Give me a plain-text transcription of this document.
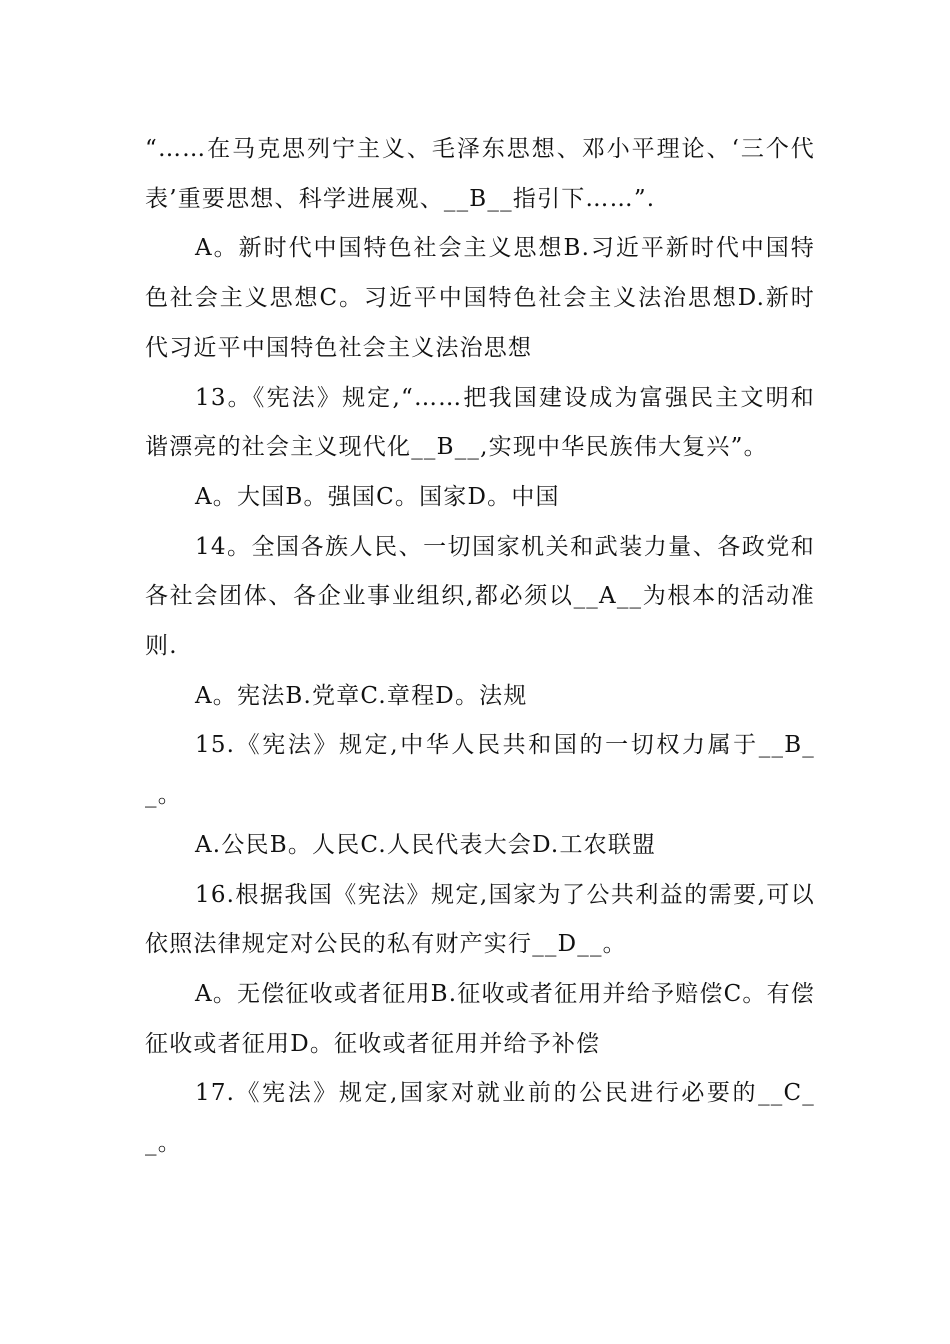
“……在马克思列宁主义、毛泽东思想、邓小平理论、‘三个代表’重要思想、科学进展观、__B__指引下……”.

A。新时代中国特色社会主义思想B.习近平新时代中国特色社会主义思想C。习近平中国特色社会主义法治思想D.新时代习近平中国特色社会主义法治思想

13。《宪法》规定,“……把我国建设成为富强民主文明和谐漂亮的社会主义现代化__B__,实现中华民族伟大复兴”。

A。大国B。强国C。国家D。中国

14。全国各族人民、一切国家机关和武装力量、各政党和各社会团体、各企业事业组织,都必须以__A__为根本的活动准则.

A。宪法B.党章C.章程D。法规

15.《宪法》规定,中华人民共和国的一切权力属于__B__。

A.公民B。人民C.人民代表大会D.工农联盟

16.根据我国《宪法》规定,国家为了公共利益的需要,可以依照法律规定对公民的私有财产实行__D__。

A。无偿征收或者征用B.征收或者征用并给予赔偿C。有偿征收或者征用D。征收或者征用并给予补偿

17.《宪法》规定,国家对就业前的公民进行必要的__C__。
